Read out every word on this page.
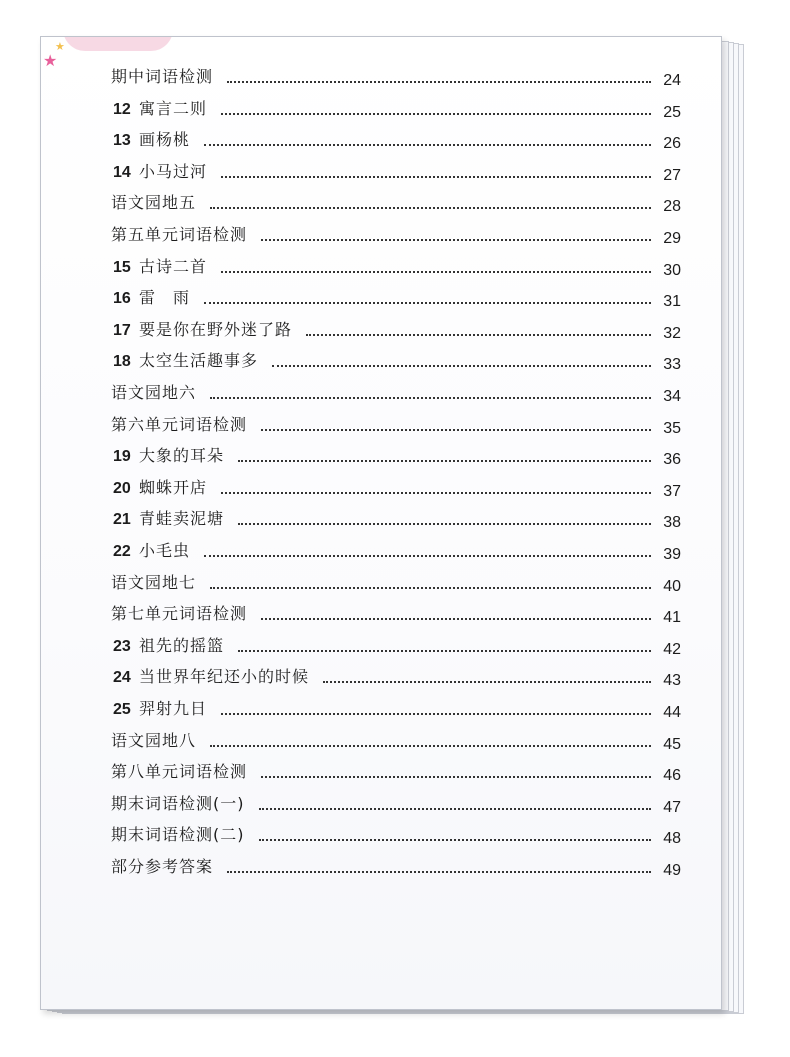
★
★
期中词语检测	24
12 寓言二则	25
13 画杨桃	26
14 小马过河	27
语文园地五	28
第五单元词语检测	29
15 古诗二首	30
16 雷　雨	31
17 要是你在野外迷了路	32
18 太空生活趣事多	33
语文园地六	34
第六单元词语检测	35
19 大象的耳朵	36
20 蜘蛛开店	37
21 青蛙卖泥塘	38
22 小毛虫	39
语文园地七	40
第七单元词语检测	41
23 祖先的摇篮	42
24 当世界年纪还小的时候	43
25 羿射九日	44
语文园地八	45
第八单元词语检测	46
期末词语检测(一)	47
期末词语检测(二)	48
部分参考答案	49
